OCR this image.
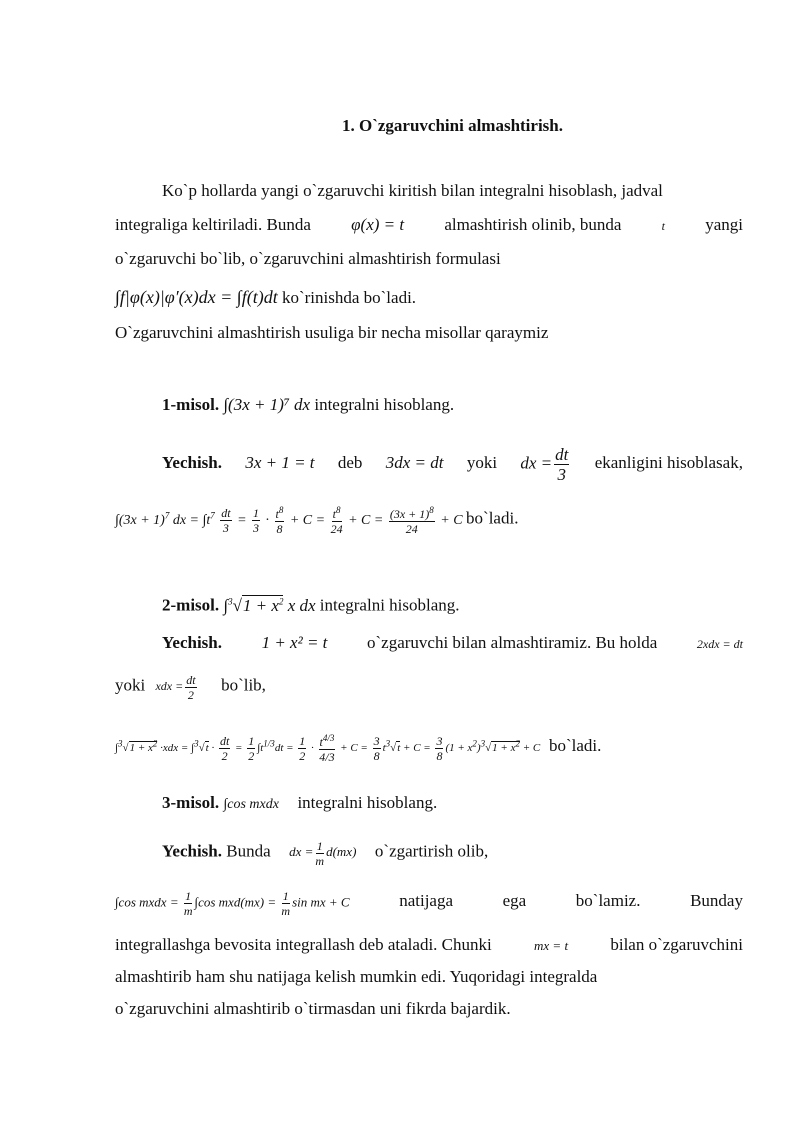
1. O`zgaruvchini almashtirish.
Ko`p hollarda yangi o`zgaruvchi kiritish bilan integralni hisoblash, jadval
integraliga keltiriladi. Bunda φ(x) = t almashtirish olinib, bunda	t yangi
o`zgaruvchi bo`lib, o`zgaruvchini almashtirish formulasi
∫f|φ(x)|φ′(x)dx = ∫f(t)dt ko`rinishda bo`ladi.
O`zgaruvchini almashtirish usuliga bir necha misollar qaraymiz
1-misol. ∫(3x + 1)⁷ dx integralni hisoblang.
Yechish. 3x + 1 = t deb 3dx = dt yoki dx = $\frac{dt}{3}$ ekanligini hisoblasak,
$\int(3x + 1)^7$ dx = $\int t^7 \frac{dt}{3} = \frac{1}{3} \cdot \frac{t^8}{8} + C = \frac{t^8}{24} + C = \frac{(3x + 1)^8}{24} + C$ bo`ladi.
2-misol. $\int^3√1 + x^2$ x dx integralni hisoblang.
Yechish. 1 + x² = t o`zgaruvchi bilan almashtiramiz. Bu holda	2xdx = dt
yoki xdx = $\frac{dt}{2}$ bo`lib,
$\int^3√1 + x^2 \cdot xdx = \int^3√t \cdot \frac{dt}{2} = \frac{1}{2} \int t^{1/3}dt = \frac{1}{2} \cdot \frac{t^{4/3}}{4/3} + C = \frac{3}{8} t^3√t + C = \frac{3}{8} (1 + x^2)^3√1 + x^2 + C$ bo`ladi.
3-misol. ∫cos mxdx integralni hisoblang.
Yechish. Bunda dx = $\frac{1}{m} d(mx)$ o`zgartirish olib,
∫cos mxdx = $\frac{1}{m} \int\cos$ $mxd(mx) = \frac{1}{m}$ sin mx + C	natijaga	ega	bo`lamiz.	Bunday
integrallashga bevosita integrallash deb ataladi. Chunki	mx = t bilan o`zgaruvchini
almashtirib ham shu natijaga kelish mumkin edi. Yuqoridagi integralda
o`zgaruvchini almashtirib o`tirmasdan uni fikrda bajardik.
